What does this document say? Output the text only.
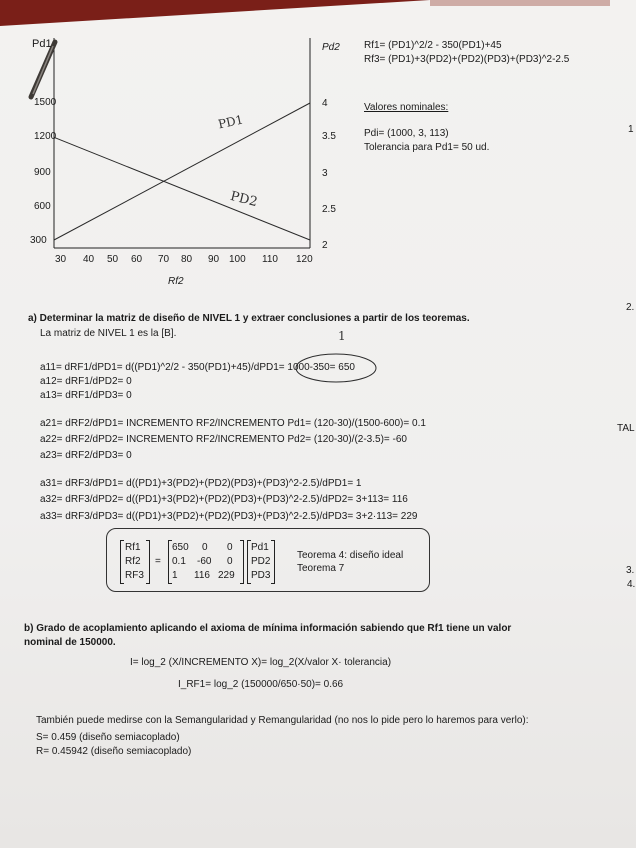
Pd1	Pd2
1500
1200
900
600
300
4
3.5
3
2.5
2
30 40 50 60 70 80 90 100 110 120
Rf2
PD1
PD2
Rf1= (PD1)^2/2 - 350(PD1)+45
Rf3= (PD1)+3(PD2)+(PD2)(PD3)+(PD3)^2-2.5
Valores nominales:
Pdi= (1000, 3, 113)
Tolerancia para Pd1= 50 ud.
1
2.
TAL
3.
4.
a) Determinar la matriz de diseño de NIVEL 1 y extraer conclusiones a partir de los teoremas.
La matriz de NIVEL 1 es la [B].	1
a11= dRF1/dPD1= d((PD1)^2/2 - 350(PD1)+45)/dPD1= 1000-350= 650
a12= dRF1/dPD2= 0
a13= dRF1/dPD3= 0
a21= dRF2/dPD1= INCREMENTO RF2/INCREMENTO Pd1= (120-30)/(1500-600)= 0.1
a22= dRF2/dPD2= INCREMENTO RF2/INCREMENTO Pd2= (120-30)/(2-3.5)= -60
a23= dRF2/dPD3= 0
a31= dRF3/dPD1= d((PD1)+3(PD2)+(PD2)(PD3)+(PD3)^2-2.5)/dPD1= 1
a32= dRF3/dPD2= d((PD1)+3(PD2)+(PD2)(PD3)+(PD3)^2-2.5)/dPD2= 3+113= 116
a33= dRF3/dPD3= d((PD1)+3(PD2)+(PD2)(PD3)+(PD3)^2-2.5)/dPD3= 3+2·113= 229
Rf1
Rf2
RF3
=
650 0 0
0.1 -60 0
1 116 229
Pd1
PD2
PD3
Teorema 4: diseño ideal
Teorema 7
b) Grado de acoplamiento aplicando el axioma de mínima información sabiendo que Rf1 tiene un valor
nominal de 150000.
I= log_2 (X/INCREMENTO X)= log_2(X/valor X· tolerancia)
I_RF1= log_2 (150000/650·50)= 0.66
También puede medirse con la Semangularidad y Remangularidad (no nos lo pide pero lo haremos para verlo):
S= 0.459 (diseño semiacoplado)
R= 0.45942 (diseño semiacoplado)
